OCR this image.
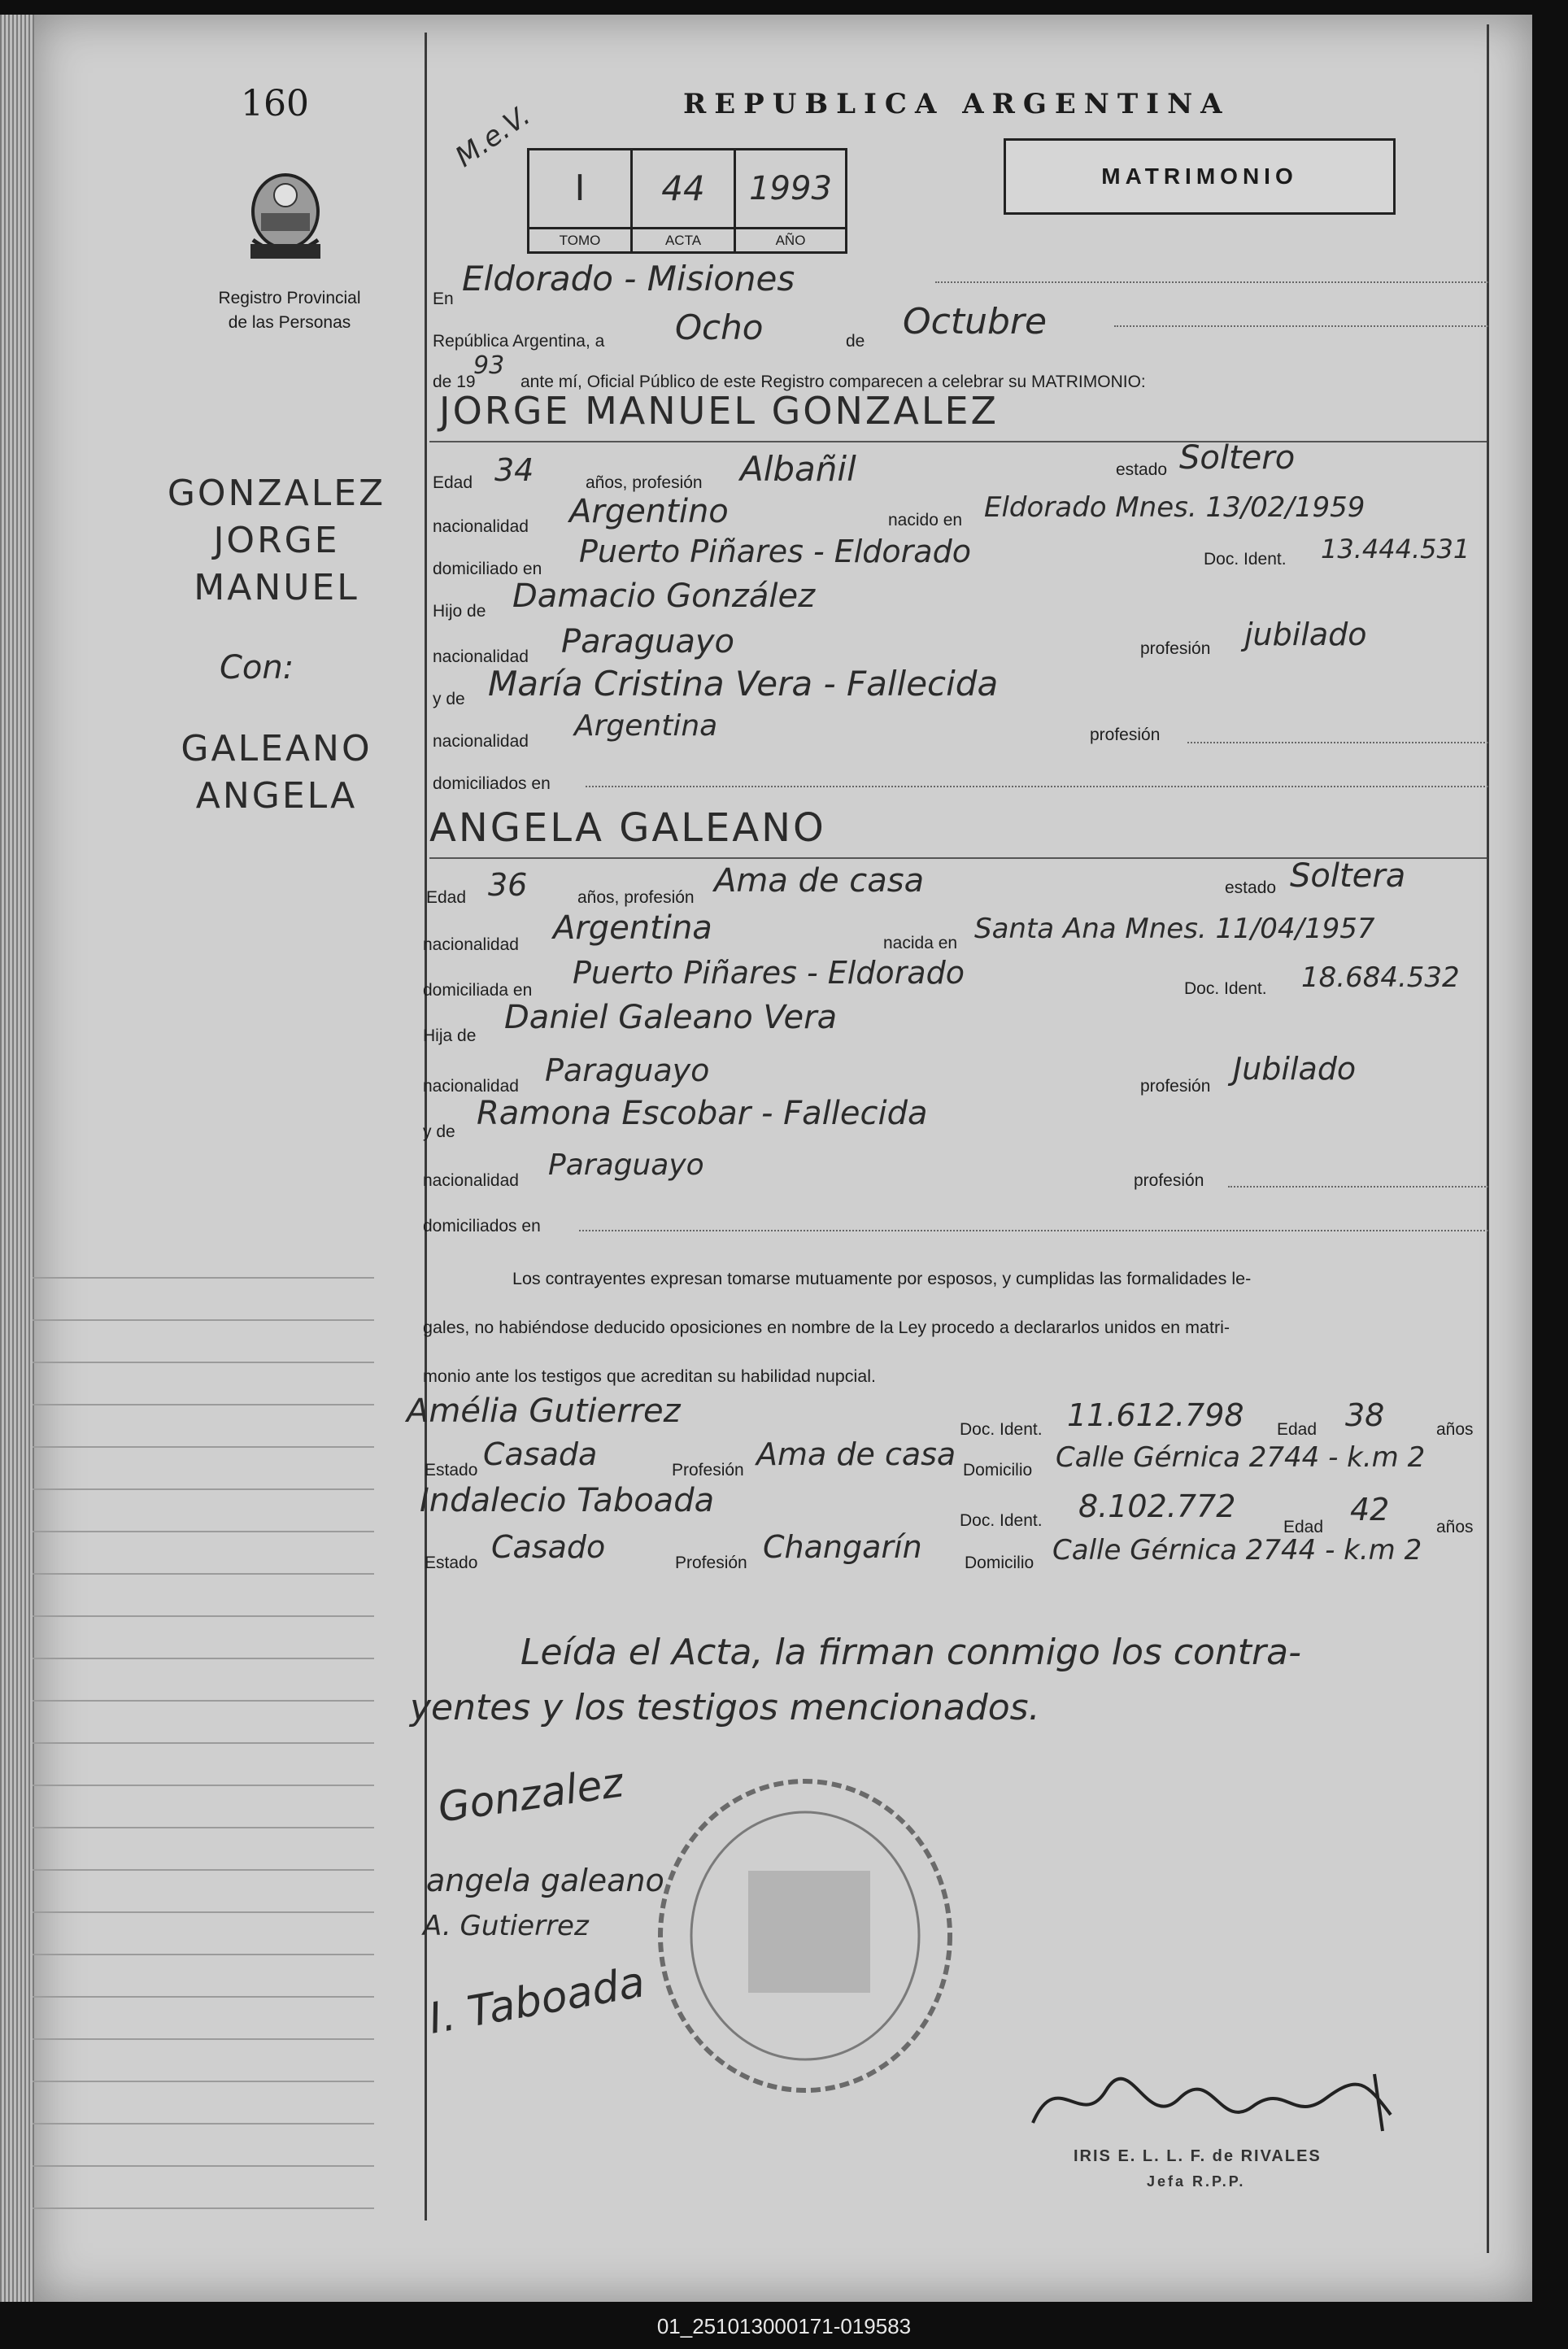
160
Registro Provincial
de las Personas
REPUBLICA ARGENTINA
MATRIMONIO
M.e.V.
I	44	1993
TOMO	ACTA	AÑO
GONZALEZ
JORGE
MANUEL
Con:
GALEANO
ANGELA
En
Eldorado - Misiones
República Argentina, a Ocho	de Octubre
de 19
93
ante mí, Oficial Público de este Registro comparecen a celebrar su MATRIMONIO:
JORGE MANUEL GONZALEZ
Edad 34	años, profesión Albañil	estado Soltero
nacionalidad Argentino	nacido en Eldorado Mnes. 13/02/1959
domiciliado en Puerto Piñares - Eldorado	Doc. Ident. 13.444.531
Hijo de Damacio González
nacionalidad Paraguayo	profesión jubilado
y de María Cristina Vera - Fallecida
nacionalidad Argentina	profesión
domiciliados en
ANGELA GALEANO
Edad 36	años, profesión Ama de casa	estado Soltera
nacionalidad Argentina	nacida en Santa Ana Mnes. 11/04/1957
domiciliada en Puerto Piñares - Eldorado	Doc. Ident. 18.684.532
Hija de Daniel Galeano Vera
nacionalidad Paraguayo	profesión Jubilado
y de Ramona Escobar - Fallecida
nacionalidad Paraguayo	profesión
domiciliados en
Los contrayentes expresan tomarse mutuamente por esposos, y cumplidas las formalidades le-
gales, no habiéndose deducido oposiciones en nombre de la Ley procedo a declararlos unidos en matri-
monio ante los testigos que acreditan su habilidad nupcial.
Amélia Gutierrez	Doc. Ident. 11.612.798 Edad 38	años
Estado Casada	Profesión Ama de casa Domicilio Calle Gérnica 2744 - k.m 2
Indalecio Taboada
Doc. Ident. 8.102.772
Edad 42	años
Estado Casado	Profesión Changarín Domicilio Calle Gérnica 2744 - k.m 2
Leída el Acta, la firman conmigo los contra-
yentes y los testigos mencionados.
Gonzalez
angela galeano
A. Gutierrez
I. Taboada
IRIS E. L. L. F. de RIVALES
Jefa R.P.P.
01_251013000171-019583
